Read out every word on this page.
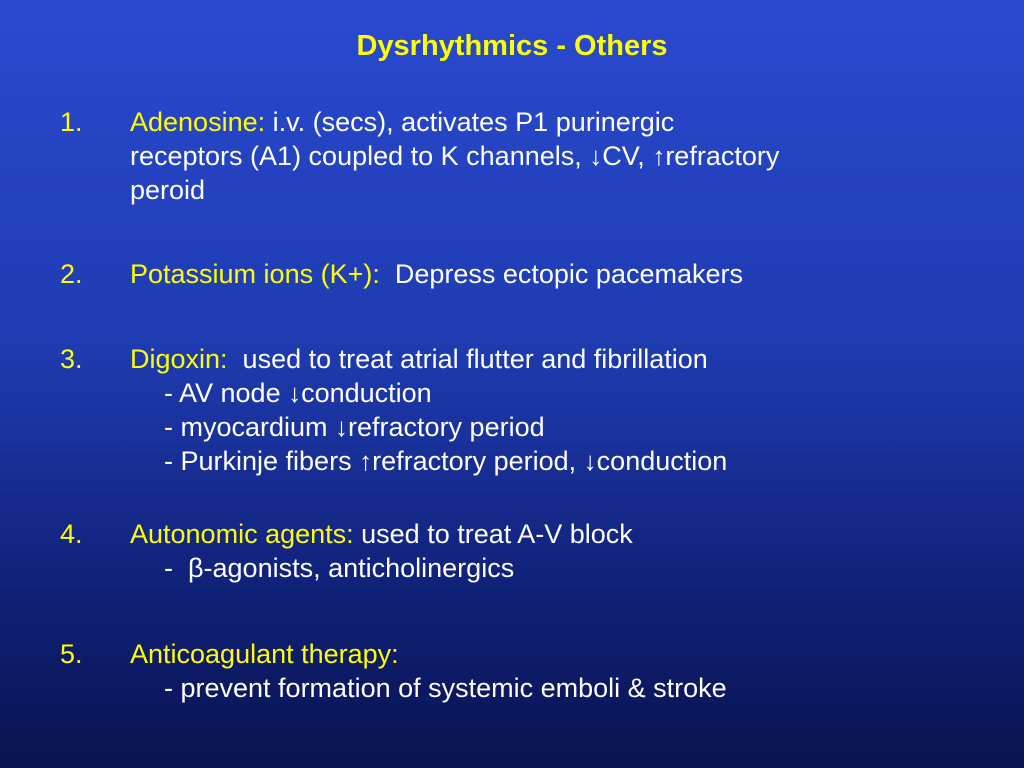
Dysrhythmics - Others
1. Adenosine: i.v. (secs), activates P1 purinergic
receptors (A1) coupled to K channels, ↓CV, ↑refractory
peroid
2. Potassium ions (K+):  Depress ectopic pacemakers
3. Digoxin:  used to treat atrial flutter and fibrillation
- AV node ↓conduction
- myocardium ↓refractory period
- Purkinje fibers ↑refractory period, ↓conduction
4. Autonomic agents: used to treat A-V block
-  β-agonists, anticholinergics
5. Anticoagulant therapy:
- prevent formation of systemic emboli & stroke
